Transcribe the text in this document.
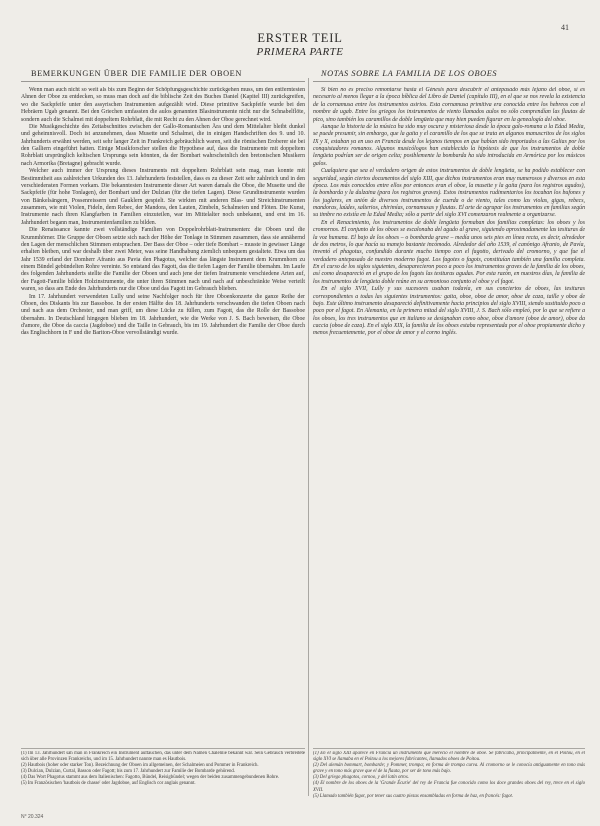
41
ERSTER TEIL
PRIMERA PARTE
BEMERKUNGEN ÜBER DIE FAMILIE DER OBOEN

Wenn man auch nicht so weit als bis zum Beginn der Schöpfungsgeschichte zurückgehen muss, um den entferntesten Ahnen der Oboe zu entdecken, so muss man doch auf die biblische Zeit des Buches Daniel (Kapitel III) zurückgreifen, wo die Sackpfeife unter den assyrischen Instrumenten aufgezählt wird. Diese primitive Sackpfeife wurde bei den Hebräern Ugab genannt. Bei den Griechen umfassten die aulos genannten Blasinstrumente nicht nur die Schnabelflöte, sondern auch die Schalmei mit doppeltem Rohrblatt, die mit Recht zu den Ahnen der Oboe gerechnet wird.

Die Musikgeschichte des Zeitabschnittes zwischen der Gallo-Romanischen Ära und dem Mittelalter bleibt dunkel und geheimnisvoll. Doch ist anzunehmen, dass Musette und Schalmei, die in einigen Handschriften des 9. und 10. Jahrhunderts erwähnt werden, seit sehr langer Zeit in Frankreich gebräuchlich waren, seit die römischen Eroberer sie bei den Galliern eingeführt hatten. Einige Musikforscher stellen die Hypothese auf, dass die Instrumente mit doppeltem Rohrblatt ursprünglich keltischen Ursprungs sein könnten, da der Bombart wahrscheinlich den bretonischen Musikern nach Armorika (Bretagne) gebracht wurde.

Welcher auch immer der Ursprung dieses Instruments mit doppeltem Rohrblatt sein mag, man konnte mit Bestimmtheit aus zahlreichen Urkunden des 13. Jahrhunderts feststellen, dass es zu dieser Zeit sehr zahlreich und in den verschiedensten Formen vorkam. Die bekanntesten Instrumente dieser Art waren damals die Oboe, die Musette und die Sackpfeife (für hohe Tonlagen), der Bombart und der Dulzian (für die tiefen Lagen). Diese Grundinstrumente wurden von Bänkelsängern, Possenreissern und Gauklern gespielt. Sie wirkten mit anderen Blas- und Streichinstrumenten zusammen, wie mit Violen, Fideln, dem Rebec, der Mandora, den Lauten, Zimbeln, Schalmeien und Flöten. Die Kunst, Instrumente nach ihren Klangfarben in Familien einzuteilen, war im Mittelalter noch unbekannt, und erst im 16. Jahrhundert begann man, Instrumentenfamilien zu bilden.

Die Renaissance kannte zwei vollständige Familien von Doppelrohrblatt-Instrumenten: die Oboen und die Krummhörner. Die Gruppe der Oboen setzte sich nach der Höhe der Tonlage in Stimmen zusammen, dass sie annähernd den Lagen der menschlichen Stimmen entsprachen. Der Bass der Oboe – oder tiefe Bombart – musste in gewisser Länge erhalten bleiben, und war deshalb über zwei Meter, was seine Handhabung ziemlich unbequem gestaltete. Etwa um das Jahr 1539 erfand der Domherr Afranio aus Pavia den Phagotus, welcher das längste Instrument dem Krummhorn zu einem Bündel gebündelten Rohre vereinte. So entstand das Fagott, das die tiefen Lagen der Familie übernahm. Im Laufe des folgenden Jahrhunderts stellte die Familie der Oboen und auch jene der tiefen Instrumente verschiedene Arten auf, der Fagott-Familie bilden Holzinstrumente, die unter ihren Stimmen nach und nach auf unbeschränkte Weise verteilt waren, so dass am Ende des Jahrhunderts nur die Oboe und das Fagott im Gebrauch blieben.

Im 17. Jahrhundert verwendeten Lully und seine Nachfolger noch für ihre Oboenkonzerte die ganze Reihe der Oboen, des Diskants bis zur Bassoboe. In der ersten Hälfte des 18. Jahrhunderts verschwanden die tiefen Oboen nach und nach aus dem Orchester, und man griff, um diese Lücke zu füllen, zum Fagott, das die Rolle der Bassoboe übernahm. In Deutschland hingegen blieben im 18. Jahrhundert, wie die Werke von J. S. Bach beweisen, die Oboe d'amore, die Oboe da caccia (Jagdoboe) und die Taille in Gebrauch, bis im 19. Jahrhundert die Familie der Oboe durch das Englischhorn in F und die Bariton-Oboe vervollständigt wurde.

NOTAS SOBRE LA FAMILIA DE LOS OBOES

Si bien no es preciso remontarse hasta el Génesis para descubrir el antepasado más lejano del oboe, sí es necesario al menos llegar a la época bíblica del Libro de Daniel (capítulo III), en el que se nos revela la existencia de la cornamusa entre los instrumentos asirios. Esta cornamusa primitiva era conocida entre los hebreos con el nombre de ugab. Entre los griegos los instrumentos de viento llamados aulos no sólo comprendían las flautas de pico, sino también los caramillos de doble lengüeta que muy bien pueden figurar en la genealogía del oboe.

Aunque la historia de la música ha sido muy oscura y misteriosa desde la época galo-romana a la Edad Media, se puede presumir, sin embargo, que la gaita y el caramillo de los que se trata en algunos manuscritos de los siglos IX y X, estaban ya en uso en Francia desde los lejanos tiempos en que habían sido importados a las Galias por los conquistadores romanos. Algunos musicólogos han establecido la hipótesis de que los instrumentos de doble lengüeta podrían ser de origen celta; posiblemente la bombarda ha sido introducida en Armórica por los músicos galos.

Cualquiera que sea el verdadero origen de estos instrumentos de doble lengüeta, se ha podido establecer con seguridad, según ciertos documentos del siglo XIII, que dichos instrumentos eran muy numerosos y diversos en esta época. Los más conocidos entre ellos por entonces eran el oboe, la musette y la gaita (para los registros agudos), la bombarda y la dulzaina (para los registros graves). Estos instrumentos rudimentarios los tocaban los bufones y los juglares, en unión de diversos instrumentos de cuerda o de viento, tales como las violas, gigas, rebecs, mandoras, laúdes, salterios, chirimías, cornamusas y flautas. El arte de agrupar los instrumentos en familias según su timbre no existía en la Edad Media; sólo a partir del siglo XVI comenzaron realmente a organizarse.

En el Renacimiento, los instrumentos de doble lengüeta formaban dos familias completas: los oboes y los cromornos. El conjunto de los oboes se escalonaba del agudo al grave, siguiendo aproximadamente las tesituras de la voz humana. El bajo de los oboes – o bombarda grave – medía unos seis pies en línea recta, es decir, alrededor de dos metros, lo que hacía su manejo bastante incómodo. Alrededor del año 1539, el canónigo Afranio, de Pavía, inventó el phagotus, confundido durante mucho tiempo con el fagotto, derivado del cromorno, y que fue el verdadero antepasado de nuestro moderno fagot. Los fagotes o fagots, constituían también una familia completa. En el curso de los siglos siguientes, desaparecieron poco a poco los instrumentos graves de la familia de los oboes, así como desapareció en el grupo de los fagots las tesituras agudas. Por esta razón, en nuestros días, la familia de los instrumentos de lengüeta doble reúne en su armonioso conjunto el oboe y el fagot.

En el siglo XVII, Lully y sus sucesores usaban todavía, en sus conciertos de oboes, las tesituras correspondientes a todas las siguientes instrumentos: gaita, oboe, oboe de amor, oboe de caza, taille y oboe de bajo. Este último instrumento desapareció definitivamente hacia principios del siglo XVIII, siendo sustituido poco a poco por el fagot. En Alemania, en la primera mitad del siglo XVIII, J. S. Bach sólo empleó, por lo que se refiere a los oboes, los tres instrumentos que en italiano se designaban como oboe, oboe d'amore (oboe de amor), oboe da caccia (oboe de caza). En el siglo XIX, la familia de los oboes estaba representada por el oboe propiamente dicho y menos frecuentemente, por el oboe de amor y el corno inglés.

(1) Im 13. Jahrhundert sah man in Frankreich ein Instrument auftauchen, das unter dem Namen Chalemie bekannt war. Sein Gebrauch verbreitete sich über alle Provinzen Frankreichs, und im 15. Jahrhundert nannte man es Hautbois.
(2) Hautbois (hoher oder starker Ton). Bezeichnung der Oboen im allgemeinen, der Schalmeien und Pommer in Frankreich.
(3) Dulcian, Dulzian, Curtal, Basson oder Fagott; bis zum 17. Jahrhundert zur Familie der Bombarde gehörend.
(4) Das Wort Phagotus stammt aus dem Italienischen: Fagotto, Bündel, Reisigbündel; wegen der beiden zusammengebundenen Rohre.
(5) Im Französischen 'hautbois de chasse' oder Jagdoboe, auf Englisch cor anglais genannt.
(1) En el siglo XIII aparece en Francia un instrumento que mereció el nombre de oboe. Se fabricaba, principalmente, en el Poitou, en el siglo XVI se llamaba en el Poitou a los mejores fabricantes, llamados oboes de Poitou.
(2) Del alemán bommart, bombarde; y Pommer, trompa; en forma de trompa curva. Al cromorno se le conocía antiguamente en tono más grave y en tono más grave que el de la flauta, por ser de tono más bajo.
(3) Del griego phagotos, cornoo, y del latín otros.
(4) El nombre de los oboes de la 'Grande Écurie' del rey de Francia fue conocido como los doce grandes oboes del rey, trece en el siglo XVII.
(5) Llamado también fagot, por tener sus cuatro piezas ensambladas en forma de haz, en francés: fagot.
N° 20.324
